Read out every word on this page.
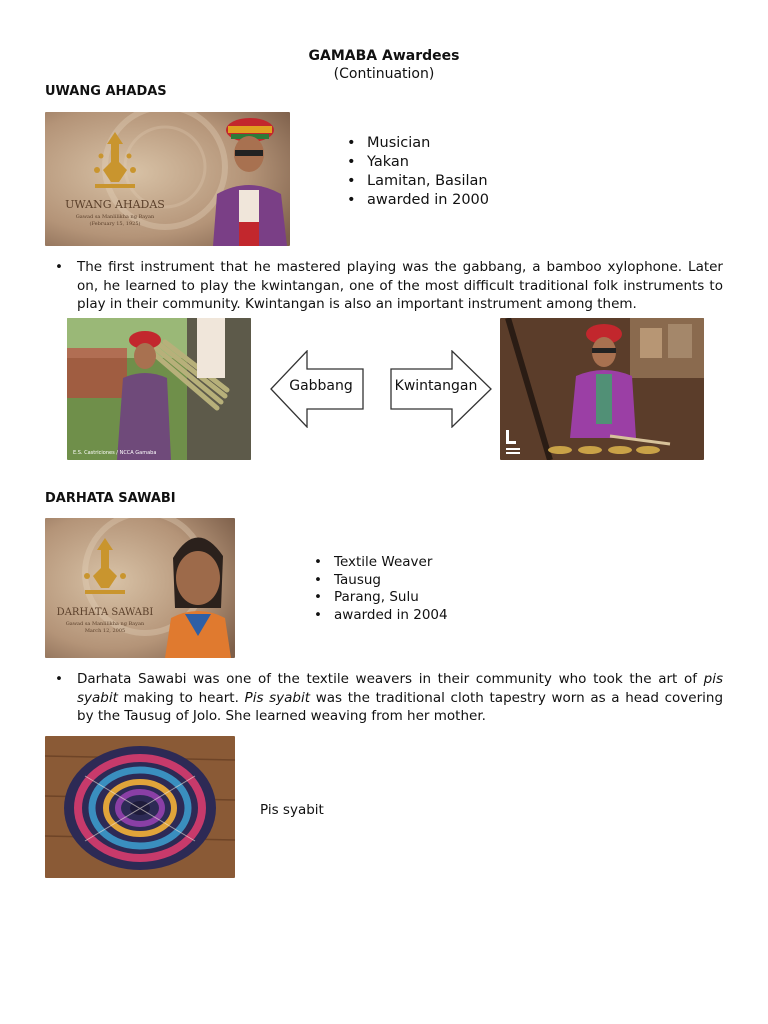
GAMABA Awardees
(Continuation)
UWANG AHADAS
UWANG AHADAS
Gawad sa Manlilikha ng Bayan
(February 15, 1925)
• Musician
• Yakan
• Lamitan, Basilan
• awarded in 2000
• The first instrument that he mastered playing was the gabbang, a bamboo xylophone. Later on, he learned to play the kwintangan, one of the most difficult traditional folk instruments to play in their community. Kwintangan is also an important instrument among them.
E.S. Castriciones / NCCA Gamaba
Gabbang	Kwintangan
DARHATA SAWABI
DARHATA SAWABI
Gawad sa Manlilikha ng Bayan
March 12, 2005
• Textile Weaver
• Tausug
• Parang, Sulu
• awarded in 2004
• Darhata Sawabi was one of the textile weavers in their community who took the art of pis syabit making to heart. Pis syabit was the traditional cloth tapestry worn as a head covering by the Tausug of Jolo. She learned weaving from her mother.
Pis syabit
